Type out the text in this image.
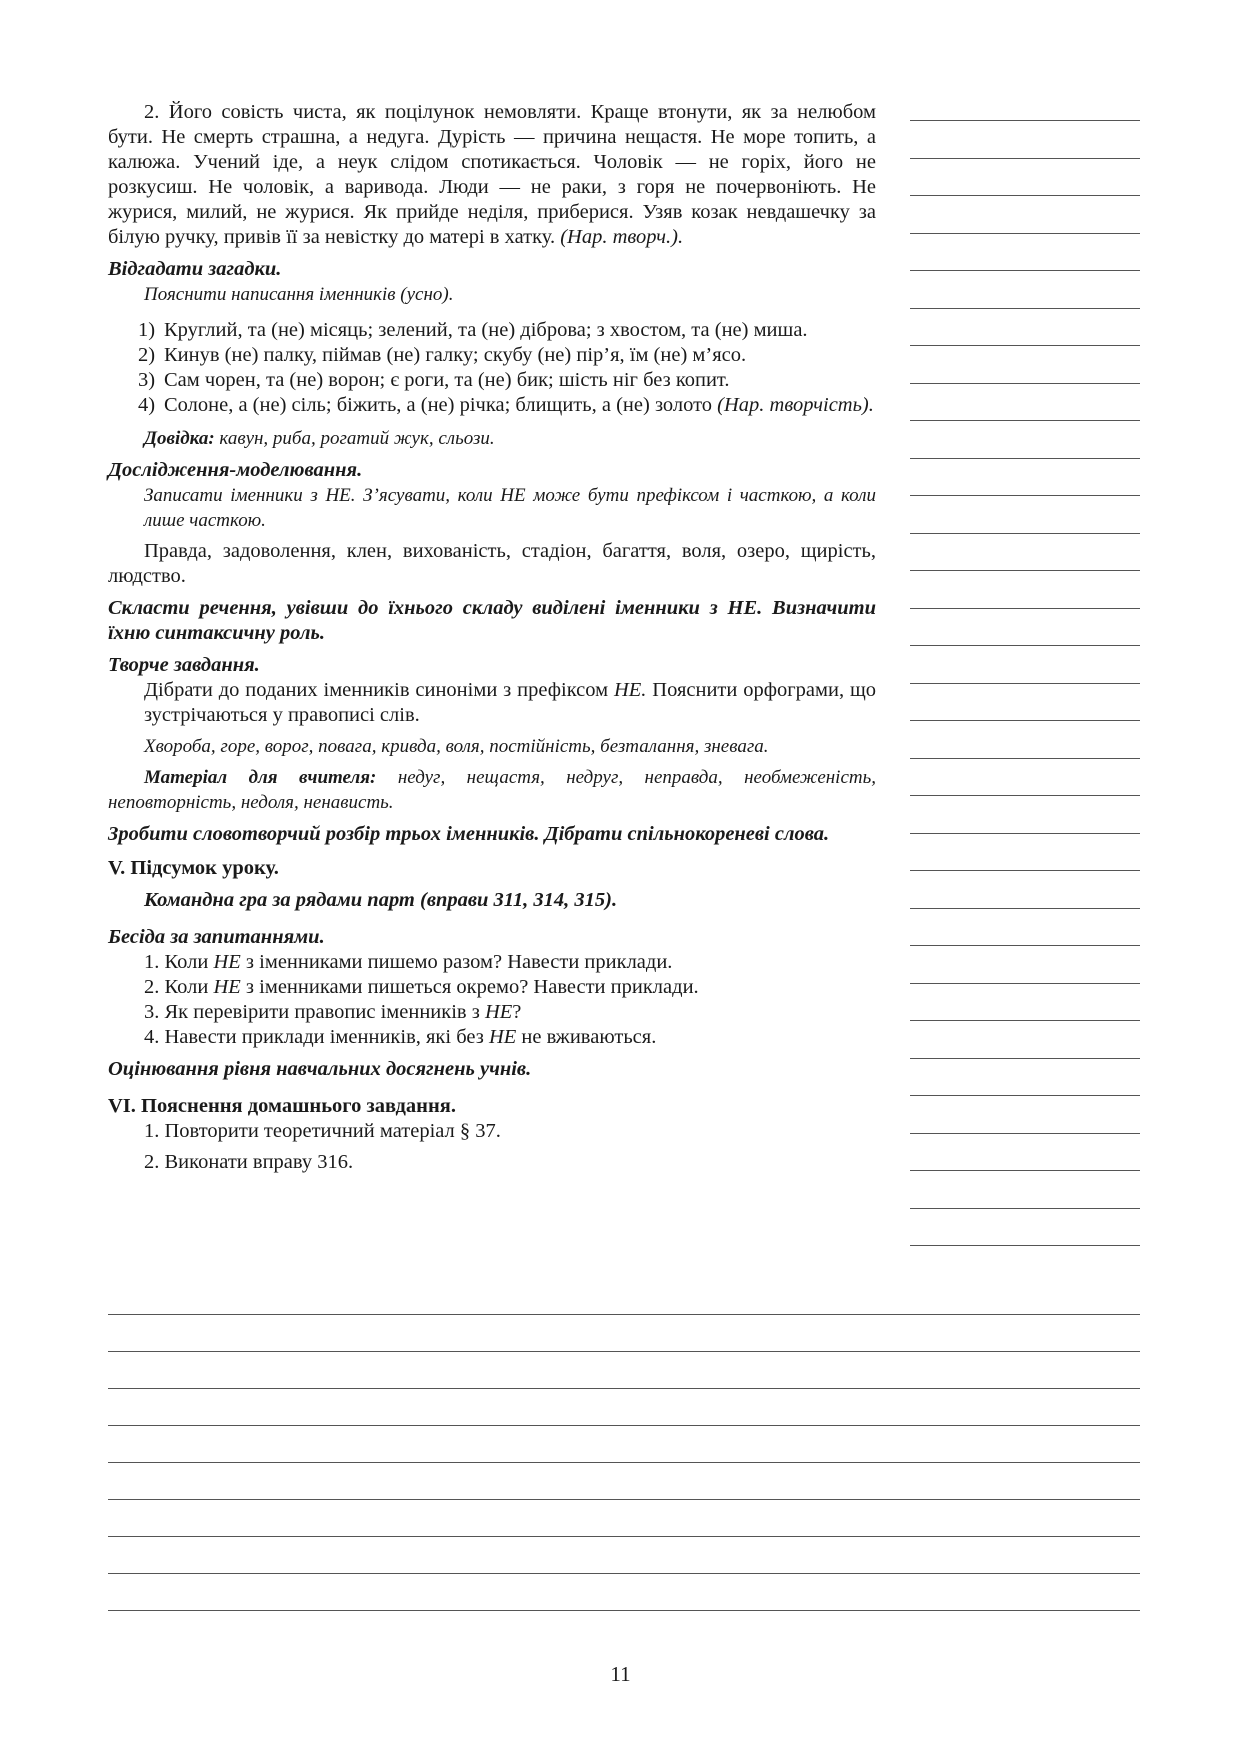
2. Його совість чиста, як поцілунок немовляти. Краще втонути, як за нелюбом бути. Не смерть страшна, а недуга. Дурість — причина нещастя. Не море топить, а калюжа. Учений іде, а неук слідом спотикається. Чоловік — не горіх, його не розкусиш. Не чоловік, а варивода. Люди — не раки, з горя не почервоніють. Не журися, милий, не журися. Як прийде неділя, приберися. Узяв козак невдашечку за білую ручку, привів її за невістку до матері в хатку. (Нар. творч.).

Відгадати загадки.

Пояснити написання іменників (усно).

1) Круглий, та (не) місяць; зелений, та (не) діброва; з хвостом, та (не) миша.
2) Кинув (не) палку, піймав (не) галку; скубу (не) пір’я, їм (не) м’ясо.
3) Сам чорен, та (не) ворон; є роги, та (не) бик; шість ніг без копит.
4) Солоне, а (не) сіль; біжить, а (не) річка; блищить, а (не) золото (Нар. творчість).

Довідка: кавун, риба, рогатий жук, сльози.

Дослідження-моделювання.

Записати іменники з НЕ. З’ясувати, коли НЕ може бути префіксом і часткою, а коли лише часткою.

Правда, задоволення, клен, вихованість, стадіон, багаття, воля, озеро, щирість, людство.

Скласти речення, увівши до їхнього складу виділені іменники з НЕ. Визначити їхню синтаксичну роль.

Творче завдання.

Дібрати до поданих іменників синоніми з префіксом НЕ. Пояснити орфограми, що зустрічаються у правописі слів.

Хвороба, горе, ворог, повага, кривда, воля, постійність, безталання, зневага.

Матеріал для вчителя: недуг, нещастя, недруг, неправда, необмеженість, неповторність, недоля, ненависть.

Зробити словотворчий розбір трьох іменників. Дібрати спільнокореневі слова.

V. Підсумок уроку.

Командна гра за рядами парт (вправи 311, 314, 315).

Бесіда за запитаннями.

1. Коли НЕ з іменниками пишемо разом? Навести приклади.

2. Коли НЕ з іменниками пишеться окремо? Навести приклади.

3. Як перевірити правопис іменників з НЕ?

4. Навести приклади іменників, які без НЕ не вживаються.

Оцінювання рівня навчальних досягнень учнів.

VI. Пояснення домашнього завдання.

1. Повторити теоретичний матеріал § 37.

2. Виконати вправу 316.

11
